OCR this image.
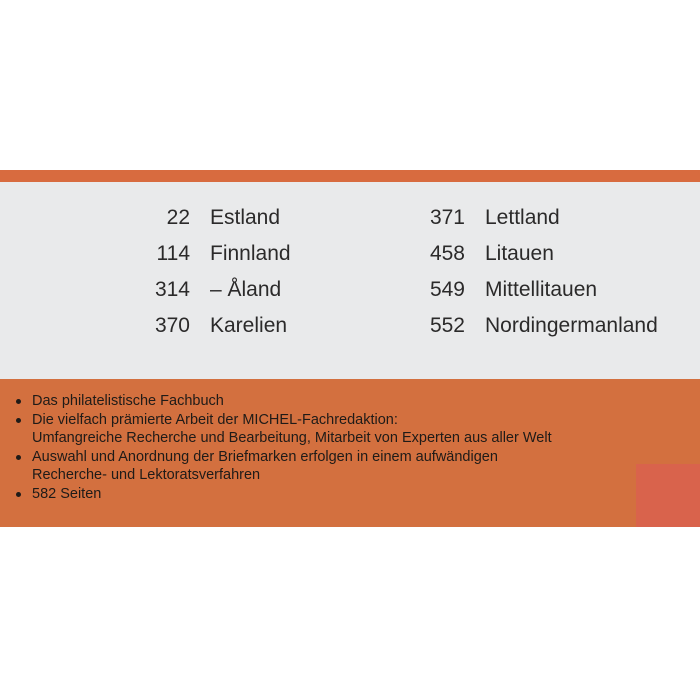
22 Estland
114 Finnland
314 – Åland
370 Karelien
371 Lettland
458 Litauen
549 Mittellitauen
552 Nordingermanland
Das philatelistische Fachbuch
Die vielfach prämierte Arbeit der MICHEL-Fachredaktion:
Umfangreiche Recherche und Bearbeitung, Mitarbeit von Experten aus aller Welt
Auswahl und Anordnung der Briefmarken erfolgen in einem aufwändigen
Recherche- und Lektoratsverfahren
582 Seiten
